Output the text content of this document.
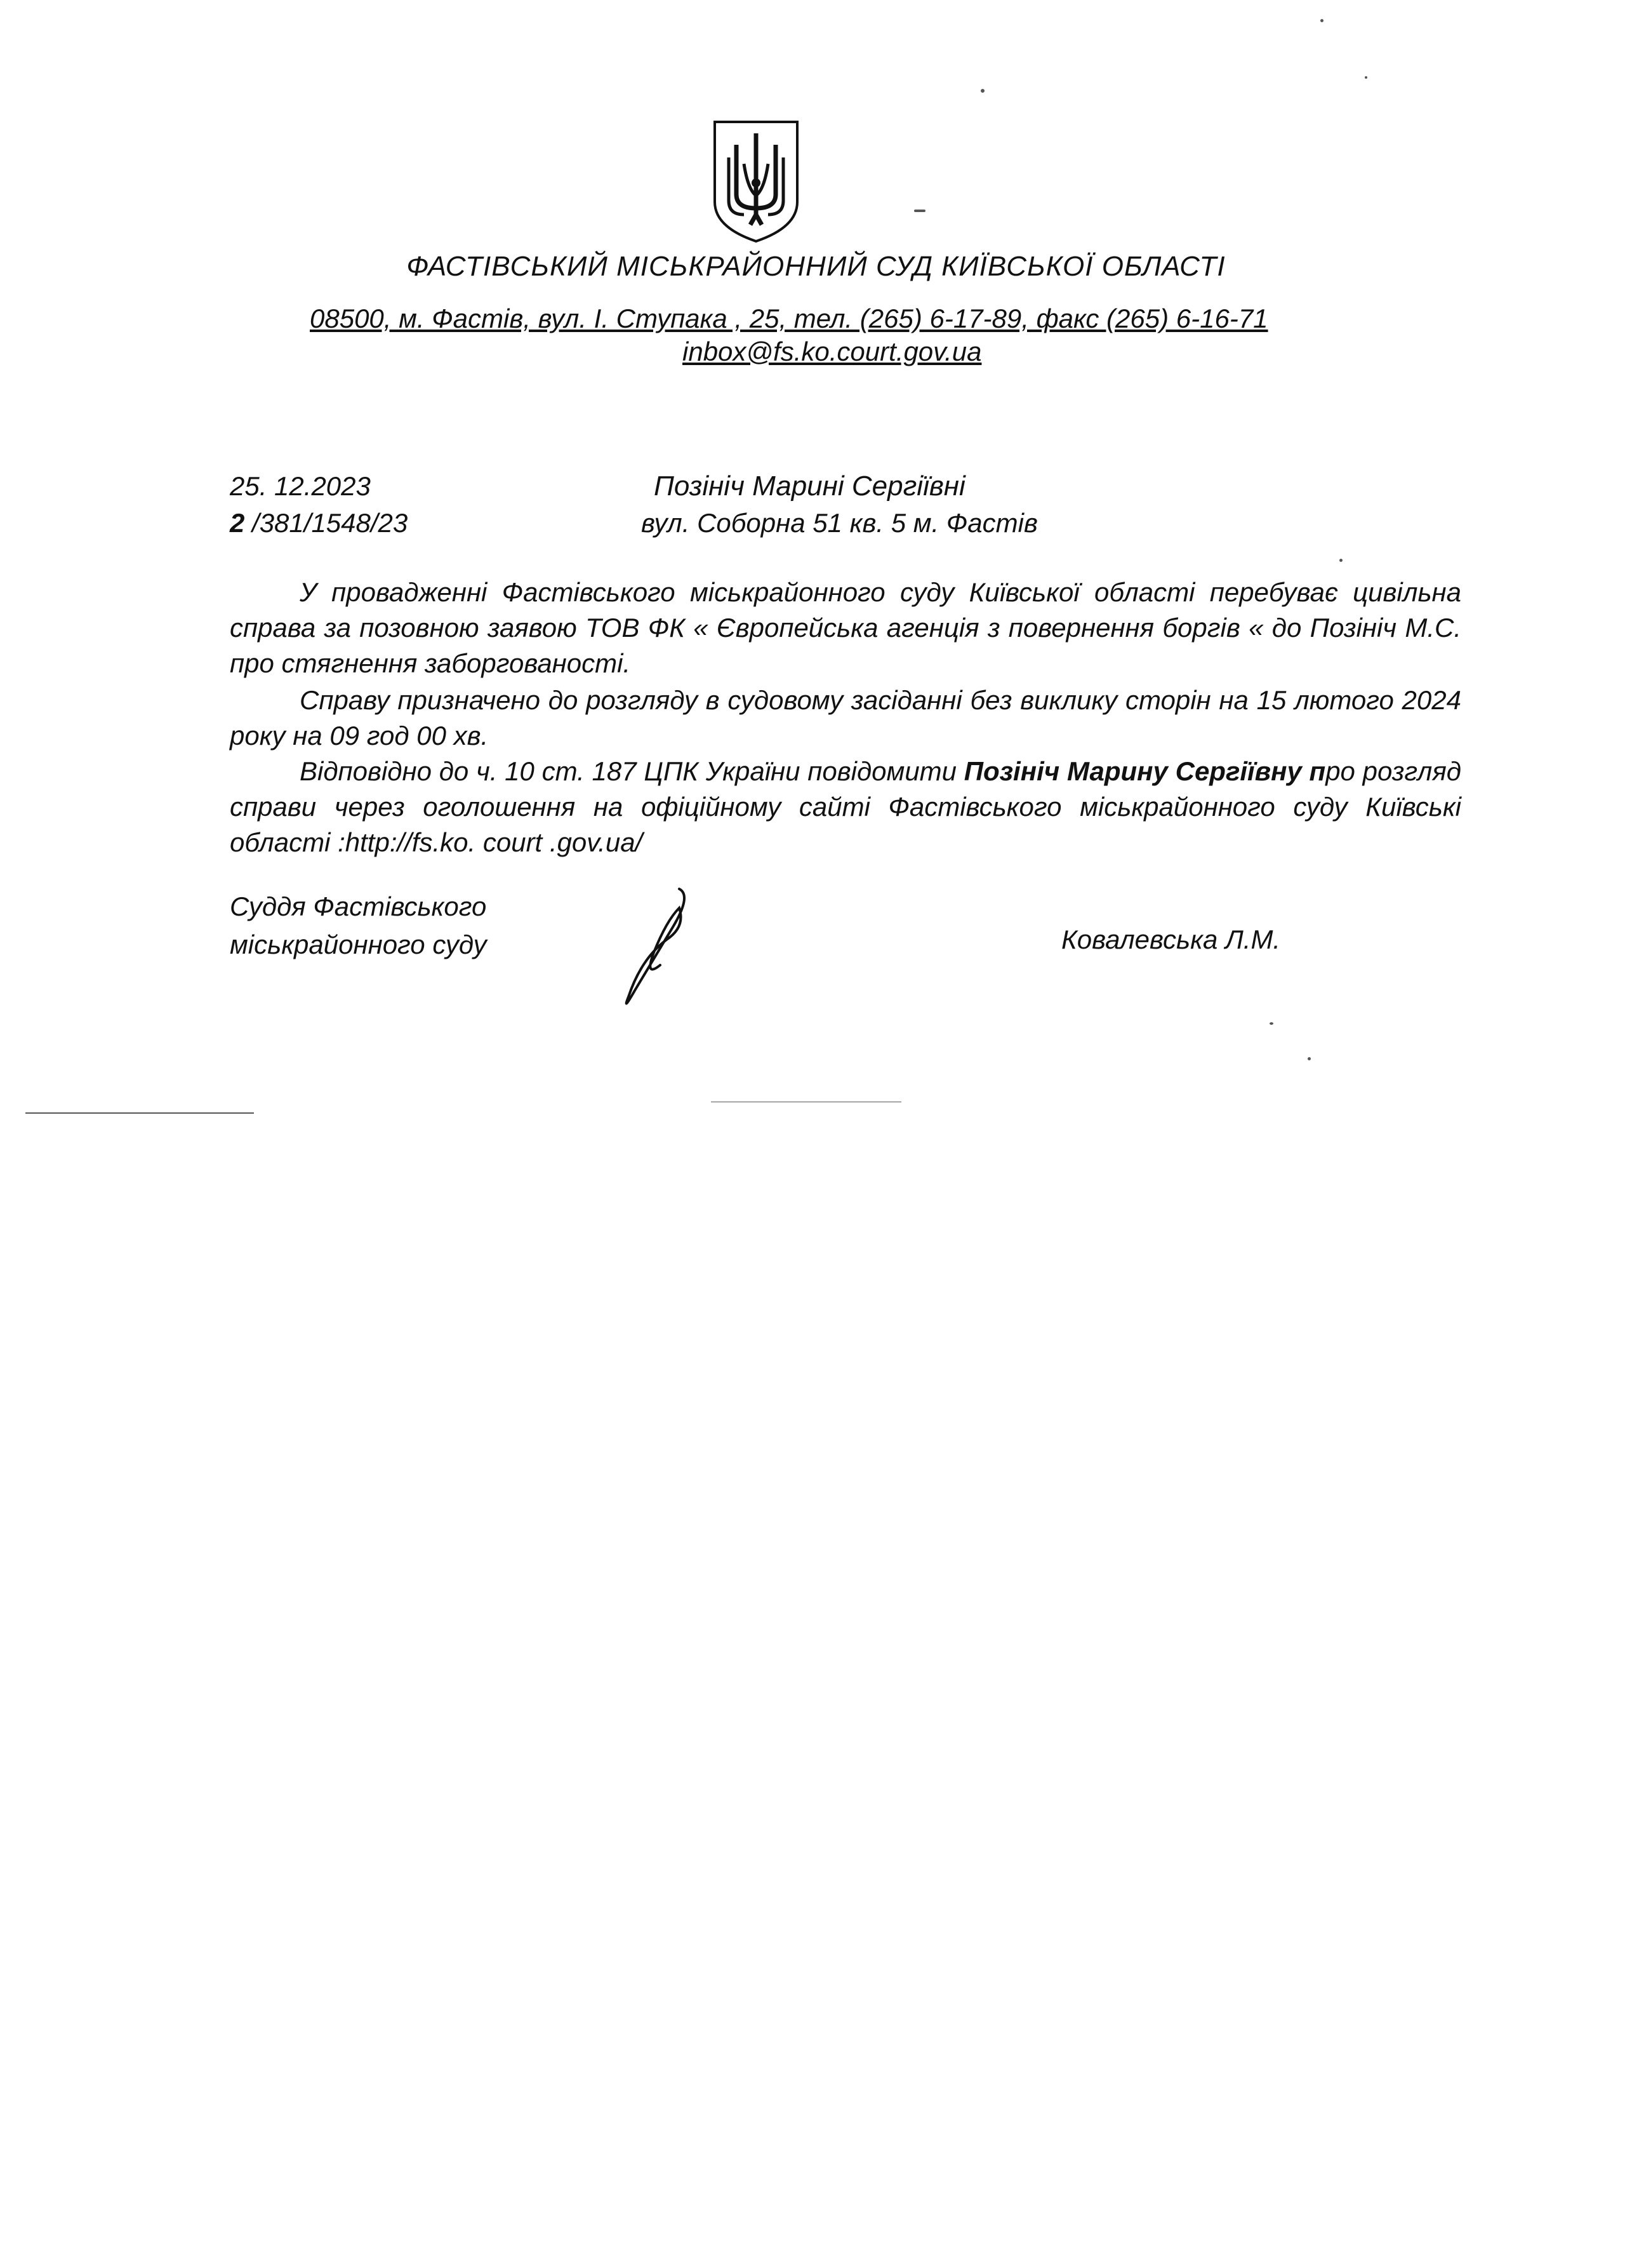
ФАСТІВСЬКИЙ МІСЬКРАЙОННИЙ СУД КИЇВСЬКОЇ ОБЛАСТІ
08500, м. Фастів, вул. І. Ступака , 25, тел. (265) 6-17-89, факс (265) 6-16-71
inbox@fs.ko.court.gov.ua
25. 12.2023
2 /381/1548/23
Позініч Марині Сергіївні
вул. Соборна 51 кв. 5 м. Фастів
У провадженні Фастівського міськрайонного суду Київської області перебуває цивільна справа за позовною заявою ТОВ ФК « Європейська агенція з повернення боргів « до Позініч М.С. про стягнення заборгованості.
Справу призначено до розгляду в судовому засіданні без виклику сторін на 15 лютого 2024 року на 09 год 00 хв.
Відповідно до ч. 10 ст. 187 ЦПК України повідомити Позініч Марину Сергіївну про розгляд справи через оголошення на офіційному сайті Фастівського міськрайонного суду Київські області :http://fs.ko. court .gov.ua/
Суддя Фастівського
міськрайонного суду	Ковалевська Л.М.
